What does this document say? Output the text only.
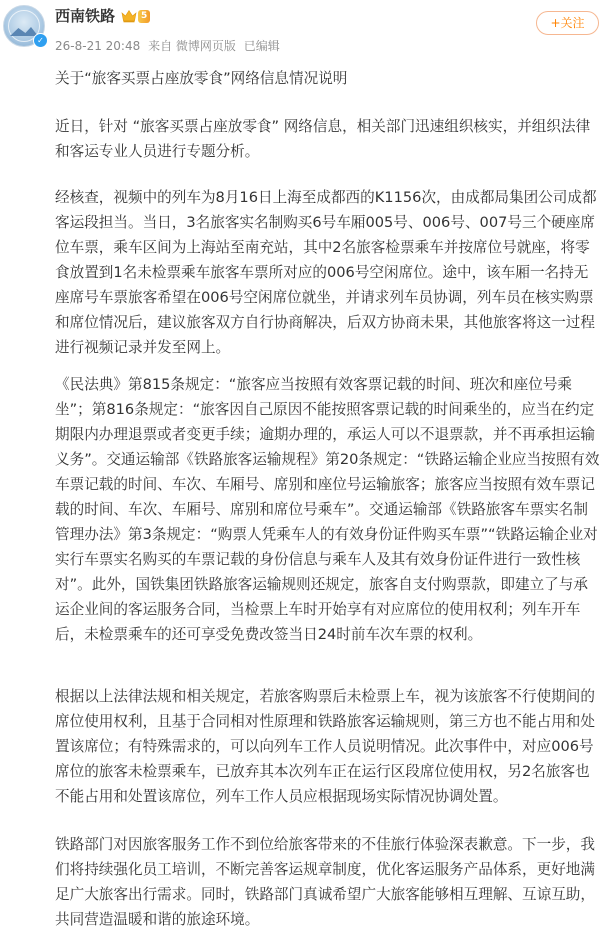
✓
西南铁路	5
26-8-21 20:48 来自 微博网页版 已编辑
+关注

关于“旅客买票占座放零食”网络信息情况说明

近日，针对 “旅客买票占座放零食” 网络信息，相关部门迅速组织核实，并组织法律和客运专业人员进行专题分析。

经核查，视频中的列车为8月16日上海至成都西的K1156次，由成都局集团公司成都客运段担当。当日，3名旅客实名制购买6号车厢005号、006号、007号三个硬座席位车票，乘车区间为上海站至南充站，其中2名旅客检票乘车并按席位号就座，将零食放置到1名未检票乘车旅客车票所对应的006号空闲席位。途中，该车厢一名持无座席号车票旅客希望在006号空闲席位就坐，并请求列车员协调，列车员在核实购票和席位情况后，建议旅客双方自行协商解决，后双方协商未果，其他旅客将这一过程进行视频记录并发至网上。

《民法典》第815条规定：“旅客应当按照有效客票记载的时间、班次和座位号乘坐”；第816条规定：“旅客因自己原因不能按照客票记载的时间乘坐的，应当在约定期限内办理退票或者变更手续；逾期办理的，承运人可以不退票款，并不再承担运输义务”。交通运输部《铁路旅客运输规程》第20条规定：“铁路运输企业应当按照有效车票记载的时间、车次、车厢号、席别和座位号运输旅客；旅客应当按照有效车票记载的时间、车次、车厢号、席别和席位号乘车”。交通运输部《铁路旅客车票实名制管理办法》第3条规定：“购票人凭乘车人的有效身份证件购买车票”“铁路运输企业对实行车票实名购买的车票记载的身份信息与乘车人及其有效身份证件进行一致性核对”。此外，国铁集团铁路旅客运输规则还规定，旅客自支付购票款，即建立了与承运企业间的客运服务合同，当检票上车时开始享有对应席位的使用权利；列车开车后，未检票乘车的还可享受免费改签当日24时前车次车票的权利。

根据以上法律法规和相关规定，若旅客购票后未检票上车，视为该旅客不行使期间的席位使用权利，且基于合同相对性原理和铁路旅客运输规则，第三方也不能占用和处置该席位；有特殊需求的，可以向列车工作人员说明情况。此次事件中，对应006号席位的旅客未检票乘车，已放弃其本次列车正在运行区段席位使用权，另2名旅客也不能占用和处置该席位，列车工作人员应根据现场实际情况协调处置。

铁路部门对因旅客服务工作不到位给旅客带来的不佳旅行体验深表歉意。下一步，我们将持续强化员工培训，不断完善客运规章制度，优化客运服务产品体系，更好地满足广大旅客出行需求。同时，铁路部门真诚希望广大旅客能够相互理解、互谅互助，共同营造温暖和谐的旅途环境。
